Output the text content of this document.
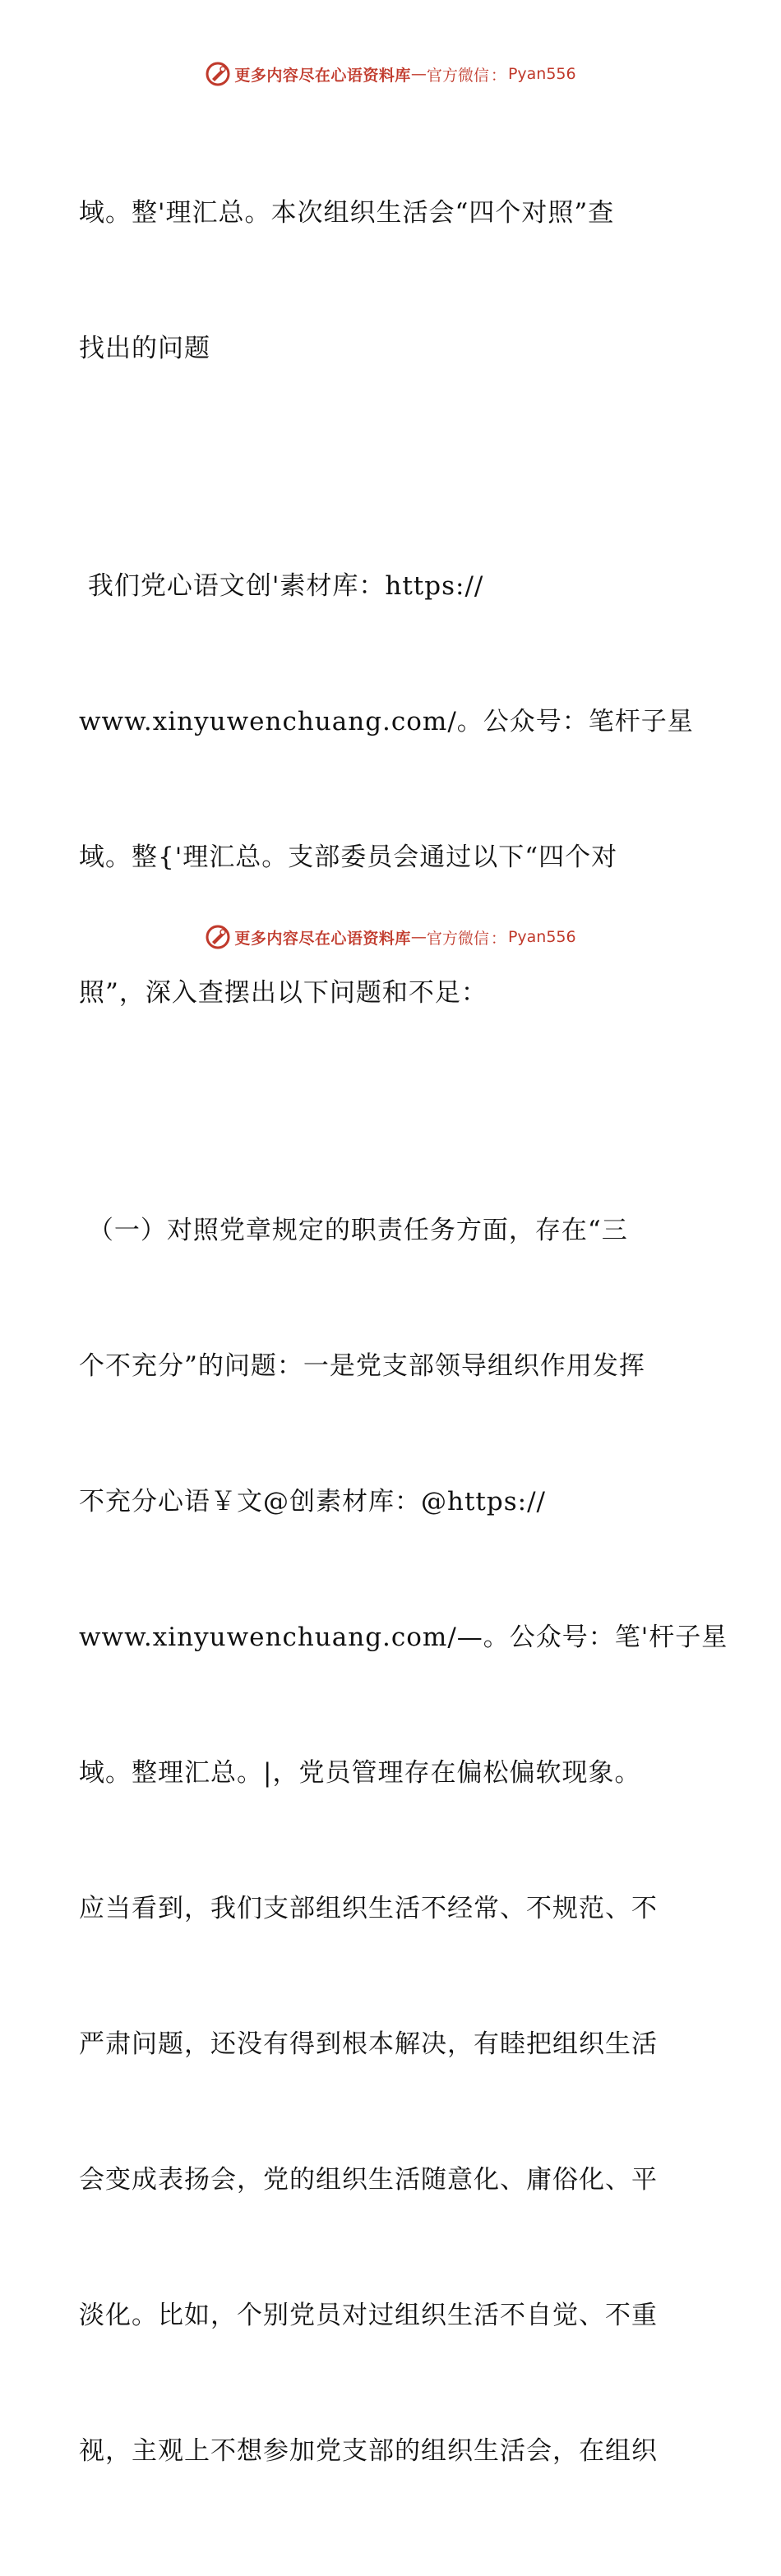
更多内容尽在心语资料库 — 官方微信 ： Pyan556

域。整'理汇总。本次组织生活会“四个对照”查

找出的问题

我们党心语文创'素材库：https://

www.xinyuwenchuang.com/。公众号：笔杆子星

域。整{'理汇总。支部委员会通过以下“四个对

照”，深入查摆出以下问题和不足：

（一）对照党章规定的职责任务方面，存在“三

个不充分”的问题：一是党支部领导组织作用发挥

不充分心语￥文@创素材库：@https://

www.xinyuwenchuang.com/—。公众号：笔'杆子星

域。整理汇总。|，党员管理存在偏松偏软现象。

应当看到，我们支部组织生活不经常、不规范、不

严肃问题，还没有得到根本解决，有睦把组织生活

会变成表扬会，党的组织生活随意化、庸俗化、平

淡化。比如，个别党员对过组织生活不自觉、不重

视，主观上不想参加党支部的组织生活会，在组织

更多内容尽在心语资料库 — 官方微信 ： Pyan556
